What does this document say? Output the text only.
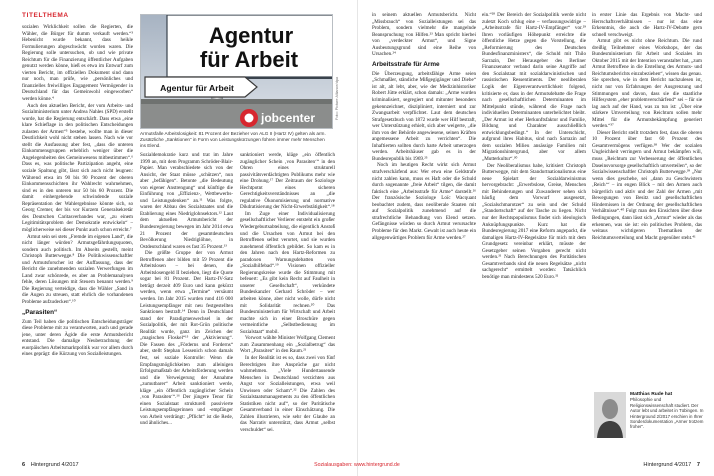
TITELTHEMA

sozialen Wirklichkeit sollen die Regierten, die Wähler, die Bürger für dumm verkauft werden.“³ Hebenicht wurde bekannt, dass heikle Formulierungen abgeschwächt worden waren. Die Regierung solle untersuchen, ob und wie private Reichtum für die Finanzierung öffentlicher Aufgaben genutzt werden könne, hieß es etwa im Entwurf zum vierten Bericht, im offiziellen Dokument sind dann nur noch, man prüfe, wie „persönliches und finanzielles freiwilliges Engagement Vermögender in Deutschland für das Gemeinwohl eingeworben“ werden könne.⁴

Auch den aktuellen Bericht, der vom Arbeits- und Sozialministerium unter Andrea Nahles (SPD) erstellt wurde, hat die Regierung entschärft. Dass etwa „eine klare Schieflage in den politischen Entscheidungen zulasten der Armen“⁵ bestehe, wollte man in dieser Deutlichkeit wohl nicht stehen lassen. Nach wie vor stellt die Ausfassung aber fest, „dass die unteren Einkommensgruppen erheblich weniger über die Angelegenheiten des Gemeinwesens mitbestimmen“.⁶ Dass es, was politische Partizipation angeht, eine soziale Spaltung gibt, lässt sich auch nicht leugnen: Während etwa im 90 bis 90 Prozent der oberen Einkommensschichten ihr Wahlrecht wahrnehmen, sind es in den unteren nur 50 bis 60 Prozent. Die damit einhergehende schwindende soziale Repräsentation der Wahlergebnisse könnte sich, so Georg Cremer, der bis vor Kurzem Generalsekretär des Deutschen Caritasverbandes war, „zu einem Legitimitätsproblem der Demokratie entwickeln“ – möglicherweise sei dieser Punkt auch schon erreicht.⁷

Armut sein sei stets „Fremde im eigenen Land“, die nicht länger würden? Armutsgefährdungsquoten, sondern auch politisch. Im Abseits gestellt, meint Christoph Butterwegge.⁸ Die Politikwissenschaftler und Armutsforscher ist der Auffassung, dass der Bericht die zunehmenden sozialen Verwerfungen im Land zwar schönrede, es aber an Problemanalysen fehle, deren Lösungen mit Steuern benannt werden.⁹ Die Regierung verteidige, dass die Wähler „Sand in die Augen zu streuen, statt ehrlich die vorhandenen Probleme aufzudecken“.¹⁰

„Parasiten“

Zum Teil haben die politischen Entscheidungsträger diese Probleme mit zu verantworten, auch und gerade jene, unter deren Ägide die erste Armutsbericht entstand. Die damalige Neubetrachtung der euorpäischen Arbeitsmarktpolitik war vor allem durch eines geprägt: die Kürzung von Sozialleistungen.

Agentur
für Arbeit
Agentur für Arbeit
jobcenter	Foto: Picture Alliance/dpa
Armutsfalle Arbeitslosigkeit: 81 Prozent der Bezieher von ALG II (Hartz IV) gelten als arm. Zusätzliche „Sanktionen“ in Form von Leistungskürzungen führen immer mehr Menschen ins Elend.

Sozialdemokratie kurz und trat im Jahre 1999 an, mit dem Programm Schröder-Blair-Papier. Man verabschiedete sich von der Ansicht, der Staat müsse „schützen“, nun aber „befähigen“. Betonte „die Bedeutung von eigener Anstrengung“ und künftige die Einführung von „Effizienz-, Wettbewerbs- und Leistungsdenken“ an.¹¹ Was folgte, waren der Abbau des Sozialstaates und die Etablierung eines Niedriglohnsektors.¹² Laut dem aktuellen Armutsbericht der Bundesregierung bewegen im Jahr 2014 etwa 21 Prozent der gesamtdeutschen Bevölkerung Niedriglöhne, in Ostdeutschland waren es fast 35 Prozent.¹³

Die größte Gruppe der von Armut Betroffenen aber bilden mit 59 Prozent die Arbeitslosen – bei denen, die Arbeitslosengeld II beziehen, liegt die Quote sogar bei 81 Prozent. Der Hartz-IV-Satz beträgt derzeit 409 Euro und kann gekürzt werden, wenn etwa „Termine“ versäumt werden. Im Jahr 2015 wurden rund 416 000 Leistungsempfänger mit neu festgestellten Sanktionen bestraft.¹⁴ Denn in Deutschland stand der Paradigmenwechsel in der Sozialpolitik, der mit Rot-Grün politische Realität wurde, ganz im Zeichen der „magischen Floskel“¹⁵ der „Aktivierung“. Die Fassen des „Förderns und Forderns“ aber, stellt Stephan Lessenich schon damals fest, sei soziale Kontrolle: Wenn die Empfangsmöglichkeiten zum alleinigen Erfolgsmaßstab der Arbeitsförderung werden und die Verweigerung der Annahme „zumutbarer“ Arbeit sanktioniert werde, kläge „ein öffentlich zugänglicher Schein ‚von Parasiten‘“.¹⁶ Der jüngere Tenor für einen Sozialstaat strukturell passivierte Leistungsempfängerinnen und -empfänger von Arbeit verdrängt: „Pflicht“ ist die Rede, und ähnliches...

sanktioniert werde, kläge „ein öffentlich zugänglicher Schein ‚von Parasiten‘“ in den Ohren eines strukturell passivitätsverdächtigten Publikums mehr wie eine Drohung.¹⁷ Der Zeitraum der Soziologe Hechtpotnt eines sicheren Gerechtigkeitsverständnisses an „die regulative Ökonomisierung und normative Dikdratisierung der Nicht-Erwerbstätigkeit“.¹⁸

Im Zuge einer Individualisierung gesellschaftlicher Verlierer entsteht ein großer Wiedergeburtsabteilung, die eigentlich Anstoß und die Ursachen von Armut bei den Betroffenen selbst verortet, und sie wurden zunehmend öffentlich gebildet. So kam es in den Jahren nach den Hartz-Reformen zu paradoxen Warnungsdebatten von „Sozialhilfebad“.¹⁹ Visionen offizieller Regierungskreise wurde die Stimmung mit befeuert: „Es gibt kein Recht auf Faulheit in unserer Gesellschaft“, verkündete Bundeskanzler Gerhard Schröder – wer arbeiten könne, aber nicht wolle, dürfe nicht mit Solidarität rechnen.²⁰ Das Bundesministerium für Wirtschaft und Arbeit machte sich in einer Broschüre gegen vermeintliche „Selbstbedienung im Sozialstaat“ mobil.

Vorwort wählte Minister Wolfgang Clement zum Zusammenhang ein „Sozialbetrug“ das Wort „Parasiten“ in den Raum.²¹

In der Realität ist es so, dass zwei von fünf Berechtigten ihre Ansprüche gar nicht wahrnehmen. „Viele Hundertausende Menschen in Deutschland verzichten aus Angst vor Sozialleistungen, etwa weil Unwissen oder Scham“.²² Die Zahlen des Sozialstaatsmanagements zu den öffentlichen Statistiken nicht auf“, so der Paritätische Gesamtverband in einer Einschätzung. Die Zahlen illustrieren, wie sehr der Glaube an das Narrativ unterstützt, dass Armut „selbst verschuldet“ sei.

6 Hintergrund 4/2017

in seinem aktuellen Armutsbericht. Nicht „Missbrauch“ von Sozialleistungen sei das Problem, sondern vielmehr die mangelnde Beanspruchung von Hilfen.²³ Man spricht hierbei von „verdeckter Armut“, und Signe Ausbeutungsgrund sind eine Reihe von Ursachen.²⁴

Arbeitsstrafe für Arme

Die Überzeugung, arbeitsfähige Arme seien „Schmaßler, ständiche Mißgegigänger und Diebe“ ist alt, alt lebt, aber, wie der Medizinhistoriker Robert Jütte erklärt, schon damals: „Arme wurden kriminalisiert, segregiert und mitunter besonders gekennzeichnet, diszipliniert, interniert und zur Zwangsarbeit verpflichtet. Laut dem deutschen Strafgesetzbuch von 1872 wurde wer Hilf bestraft, wer Unterstützung erhielt, sich aber weigerte, „die ihm von der Behörde angewiesene, seinen Kräften angemessene Arbeit zu verrichten“. Die Inhaftierten sollten durch harte Arbeit umerzogen werden. Arbeitshäuser gab es in der Bundesrepublik bis 1969.²⁵

Noch im heutigen Recht wirkt sich Armut strafverschärfend aus: Wer etwa eine Geldstrafe nicht zahlen kann, muss es Haft oder die Schuld durch sogenannte „freie Arbeit“ tilgen, die damit faktisch eine „Arbeitsstrafe für Arme“ darstellt.²⁶ Der französische Soziologe Loïc Wacquant beobachtet zudem, dass neoliberale Staaten mit auf Sozialpolitik zunehmend auf die strafrechtliche Behandlung von Elend setzen. Gefängnisse würden so durch Armut verursachte Probleme für den Markt. Gewalt ist auch heute ein allgegenwärtiges Problem für Arme werden.²⁷

ein.“²⁸ Der Bereich der Sozialpolitik werde nicht zuletzt Koch schlug eine – verfassungswidrige – „Arbeitsstrafe für Hartz-IV-Empfänger“ vor.²⁹ Ihren vorläufigen Höhepunkt erreichte die öffentliche Hetze gegen die Vorstellung, die „Reformierung des Deutschen Bundesfinanzministers“, die Schuld mit Thilo Sarrazin, Der Herausgeber des Berliner Finanzsenator verband darin seine Angriffe auf den Sozialstaat mit sozialdarwinistischen und rassistischen Ressentiments. Der neoliberalen Logik der Eigenverantwortlichkeit folgend, kritisierte er, dass in der Armutsdebatte die Frage nach gesellschaftlichen Determinanten im Mittelpunkt stünde, während die Frage nach individuellen Determinanten unterbelichtet bleibt. „Der Armut ist eher Herkunftsfaktor und Familie, Bildung und Charakter ausschließlich entwicklungsbedingt.“ In der Unterschicht, aufgrund ihres Habitus, sind nach Sarrazin auf dem sozialen Milieu ansässige Familien mit Migrationshintergrund, aber vor allem „Mutterkultur“.³⁰

Der Neoliberalismus habe, kritisiert Christoph Butterwegge, mit dem Standortnationalismus eine neue Spielart der Sozialdarwinismus hervorgebracht: „Erwerbslose, Greise, Menschen mit Behinderungen und Zuwanderer sehen sich häufig dem Vorwurf ausgesetzt, „Sozialschmarotzer“ zu sein und der Schuld „Standortschaft“ auf der Tasche zu liegen. Nicht nur der Rechtspopulismus findet sich ideologisch Anknüpfungspunkte. Kurz hat die Bundesregierung 2017 eine Reform angepackt, die damaligen Hartz-IV-Regelsätze für mich mit dem Grundgesetz vereinbar erklärt, müsste der Gesetzgeber seinen Vorgaben gerecht nicht werden.³¹ Nach Berechnungen des Paritätischen Gesamtverbands sind die neuen Regelsätze „nicht sachgerecht“ ermittelt worden: Tatsächlich benötige man mindestens 520 Euro.³²

in erster Linie das Ergebnis von Macht- und Herrschaftsverhältnissen – nur ist das eine Erkenntnis, die auch die Hartz-IV-Debatte gern schnell verschweigt.

Armut gibt es nicht ohne Reichtum. Die rund dreißig Teilnehmer eines Workshops, der das Bundesministerium für Arbeit und Soziales im Oktober 2015 mit der Intention veranstaltet hat, „zum Armut Betroffene in die Erstellung des Armuts- und Reichtumsberichts einzubeziehen“, wissen das genau. Sie sprechen, wie in dem Bericht nachzulesen ist, nicht nur von Erfahrungen der Ausgrenzung und Stimmungen und davon, dass sie die staatliche Hilfesystem „eher problemverschärfend“ sei – für sie lag auch auf der Hand, was zu tun ist: „Über eine stärkere Umverteilung von Reichtum sollen mehr Mittel für die Armutsbekämpfung generiert werden.“³⁷

Dieser Bericht stellt trotzdem fest, dass die oberen 10 Prozent über fast 60 Prozent des Gesamtvermögens verfügen.³⁸ Wer der sozialen Ungleichheit verringern und Armut bekämpfen will, muss „Reichtum zur Verbesserung der öffentlichen Daseinsvorsorge gesellschaftlich umverteilen“, so der Sozialwissenschaftler Christoph Butterwegge.³⁹ „Nur wenn dies geschehe, sei „dann zu Geschwistern ‚Reich‘“ – im engen Blick – mit den Armen auch bürgerlich und aktiv und der Zahl der Armen „mit Bewegungen von Besitz und gesellschaftlichen Hindernissen in der Ordnung der gesellschaftlichen Verhältnisse“.⁴⁰ Folgt man den Einsichten über diese Bedingungen, dann lässt sich „Armut“ wieder als das erkennen, was sie ist: ein politisches Problem, das weitaus wichtigeren Thematiken der Reichtumsverteilung und Macht gegenüber steht.⁴¹

Matthias Rude hat
Philosophie und Religionswissenschaft studiert. Der Autor lebt und arbeitet in Tübingen. In Hinterground 2/2017 erschien in Ihrer Sonderdokumentation „Armer trotzem froher“.
Hintergrund 4/2017 7
Sozialausgaben: www.hintergrund.de
